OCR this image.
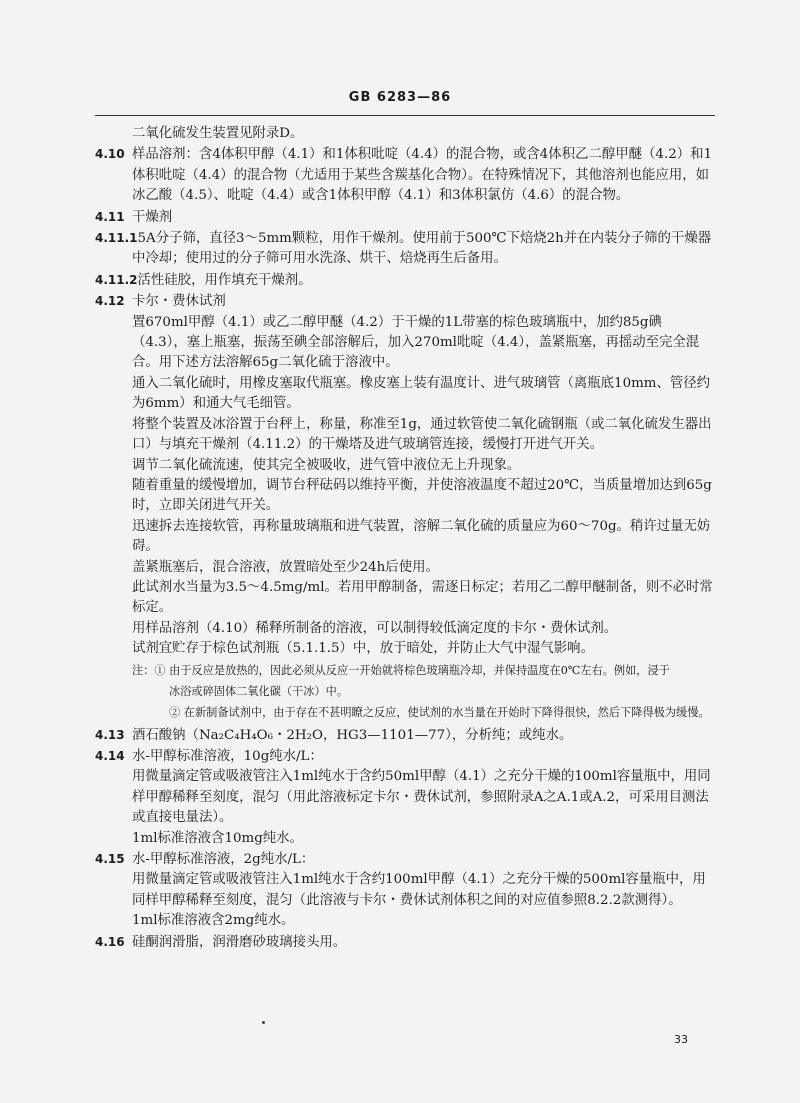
GB 6283—86

二氧化硫发生装置见附录D。

4.10 样品溶剂：含4体积甲醇（4.1）和1体积吡啶（4.4）的混合物，或含4体积乙二醇甲醚（4.2）和1体积吡啶（4.4）的混合物（尤适用于某些含羰基化合物）。在特殊情况下，其他溶剂也能应用，如冰乙酸（4.5）、吡啶（4.4）或含1体积甲醇（4.1）和3体积氯仿（4.6）的混合物。

4.11 干燥剂

4.11.15A分子筛，直径3～5mm颗粒，用作干燥剂。使用前于500℃下焙烧2h并在内装分子筛的干燥器中冷却；使用过的分子筛可用水洗涤、烘干、焙烧再生后备用。

4.11.2活性硅胶，用作填充干燥剂。

4.12 卡尔・费休试剂

置670ml甲醇（4.1）或乙二醇甲醚（4.2）于干燥的1L带塞的棕色玻璃瓶中，加约85g碘（4.3），塞上瓶塞，振荡至碘全部溶解后，加入270ml吡啶（4.4），盖紧瓶塞，再摇动至完全混合。用下述方法溶解65g二氧化硫于溶液中。

通入二氧化硫时，用橡皮塞取代瓶塞。橡皮塞上装有温度计、进气玻璃管（离瓶底10mm、管径约为6mm）和通大气毛细管。

将整个装置及冰浴置于台秤上，称量，称准至1g，通过软管使二氧化硫钢瓶（或二氧化硫发生器出口）与填充干燥剂（4.11.2）的干燥塔及进气玻璃管连接，缓慢打开进气开关。

调节二氧化硫流速，使其完全被吸收，进气管中液位无上升现象。

随着重量的缓慢增加，调节台秤砝码以维持平衡，并使溶液温度不超过20℃，当质量增加达到65g时，立即关闭进气开关。

迅速拆去连接软管，再称量玻璃瓶和进气装置，溶解二氧化硫的质量应为60～70g。稍许过量无妨碍。

盖紧瓶塞后，混合溶液，放置暗处至少24h后使用。

此试剂水当量为3.5～4.5mg/ml。若用甲醇制备，需逐日标定；若用乙二醇甲醚制备，则不必时常标定。

用样品溶剂（4.10）稀释所制备的溶液，可以制得较低滴定度的卡尔・费休试剂。

试剂宜贮存于棕色试剂瓶（5.1.1.5）中，放于暗处，并防止大气中湿气影响。

注：① 由于反应是放热的，因此必须从反应一开始就将棕色玻璃瓶冷却，并保持温度在0℃左右。例如，浸于
冰浴或碎固体二氧化碳（干冰）中。
② 在新制备试剂中，由于存在不甚明瞭之反应，使试剂的水当量在开始时下降得很快，然后下降得极为缓慢。

4.13 酒石酸钠（Na₂C₄H₄O₆・2H₂O，HG3—1101—77），分析纯；或纯水。

4.14 水-甲醇标准溶液，10g纯水/L：

用微量滴定管或吸液管注入1ml纯水于含约50ml甲醇（4.1）之充分干燥的100ml容量瓶中，用同样甲醇稀释至刻度，混匀（用此溶液标定卡尔・费休试剂，参照附录A之A.1或A.2，可采用目测法或直接电量法）。

1ml标准溶液含10mg纯水。

4.15 水-甲醇标准溶液，2g纯水/L：

用微量滴定管或吸液管注入1ml纯水于含约100ml甲醇（4.1）之充分干燥的500ml容量瓶中，用同样甲醇稀释至刻度，混匀（此溶液与卡尔・费休试剂体积之间的对应值参照8.2.2款测得）。

1ml标准溶液含2mg纯水。

4.16 硅酮润滑脂，润滑磨砂玻璃接头用。

33
